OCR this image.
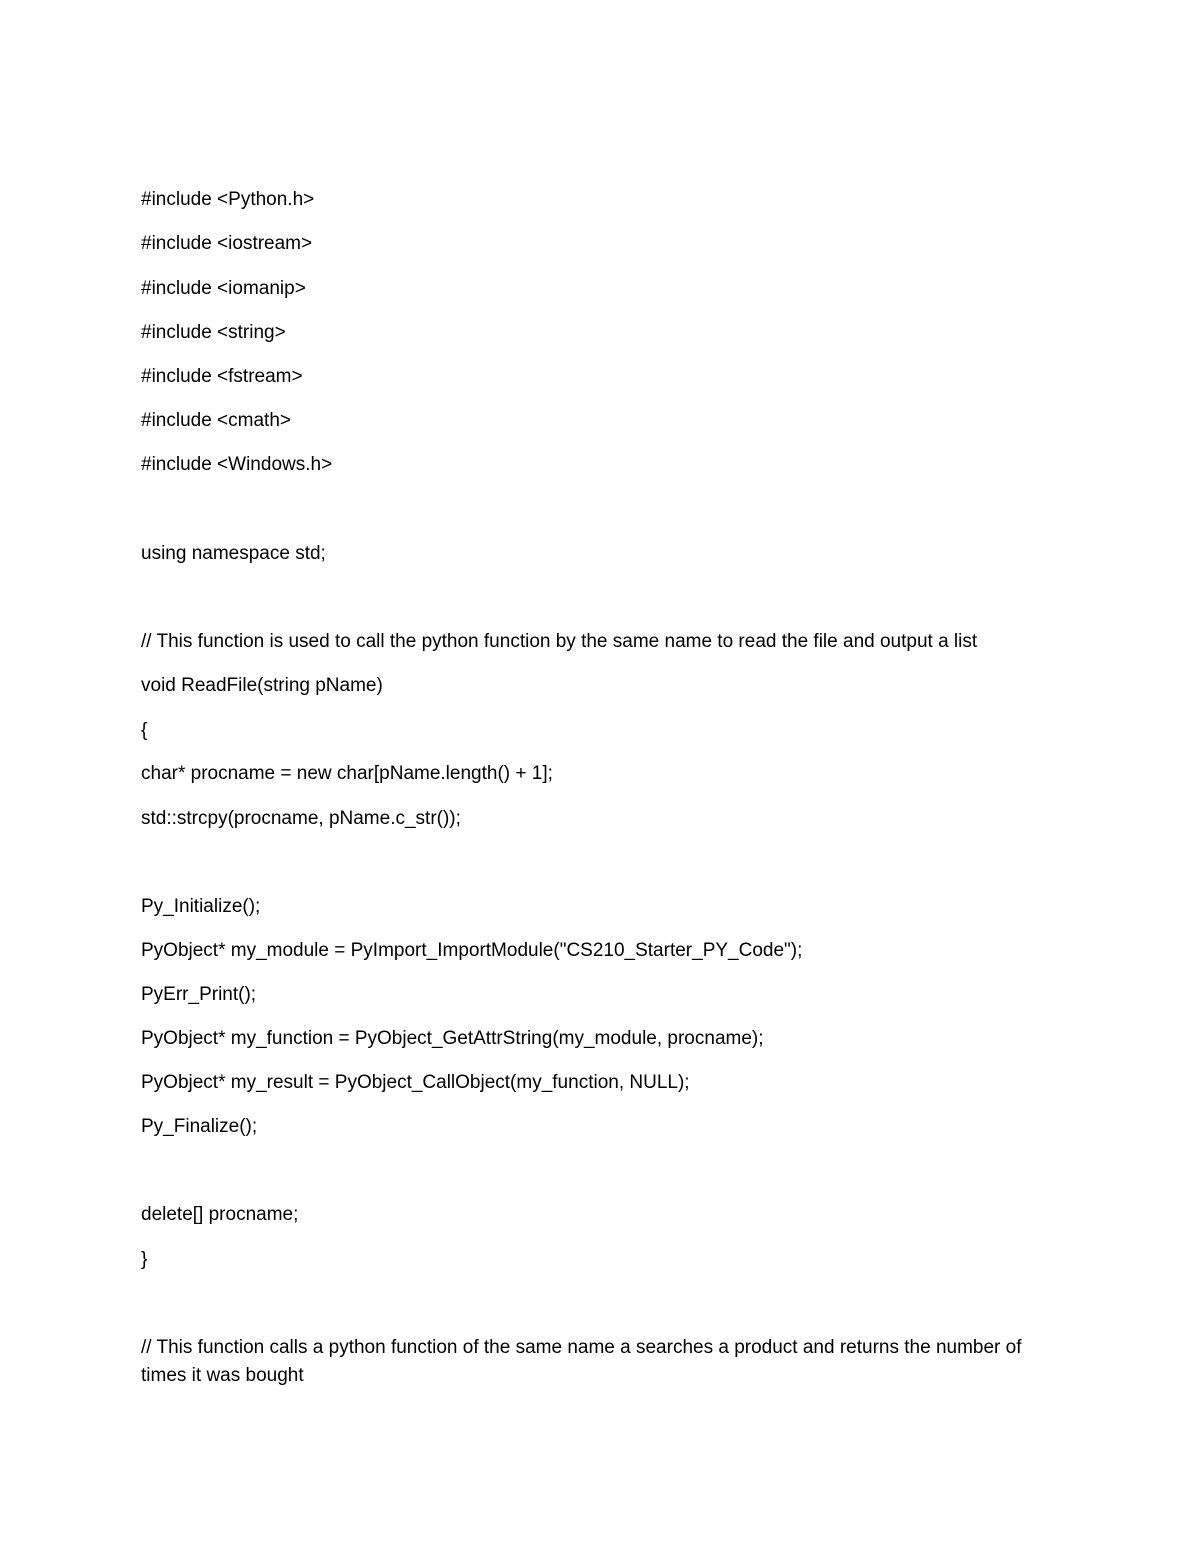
#include <Python.h>
#include <iostream>
#include <iomanip>
#include <string>
#include <fstream>
#include <cmath>
#include <Windows.h>
using namespace std;
// This function is used to call the python function by the same name to read the file and output a list
void ReadFile(string pName)
{
char* procname = new char[pName.length() + 1];
std::strcpy(procname, pName.c_str());
Py_Initialize();
PyObject* my_module = PyImport_ImportModule("CS210_Starter_PY_Code");
PyErr_Print();
PyObject* my_function = PyObject_GetAttrString(my_module, procname);
PyObject* my_result = PyObject_CallObject(my_function, NULL);
Py_Finalize();
delete[] procname;
}
// This function calls a python function of the same name a searches a product and returns the number of times it was bought
